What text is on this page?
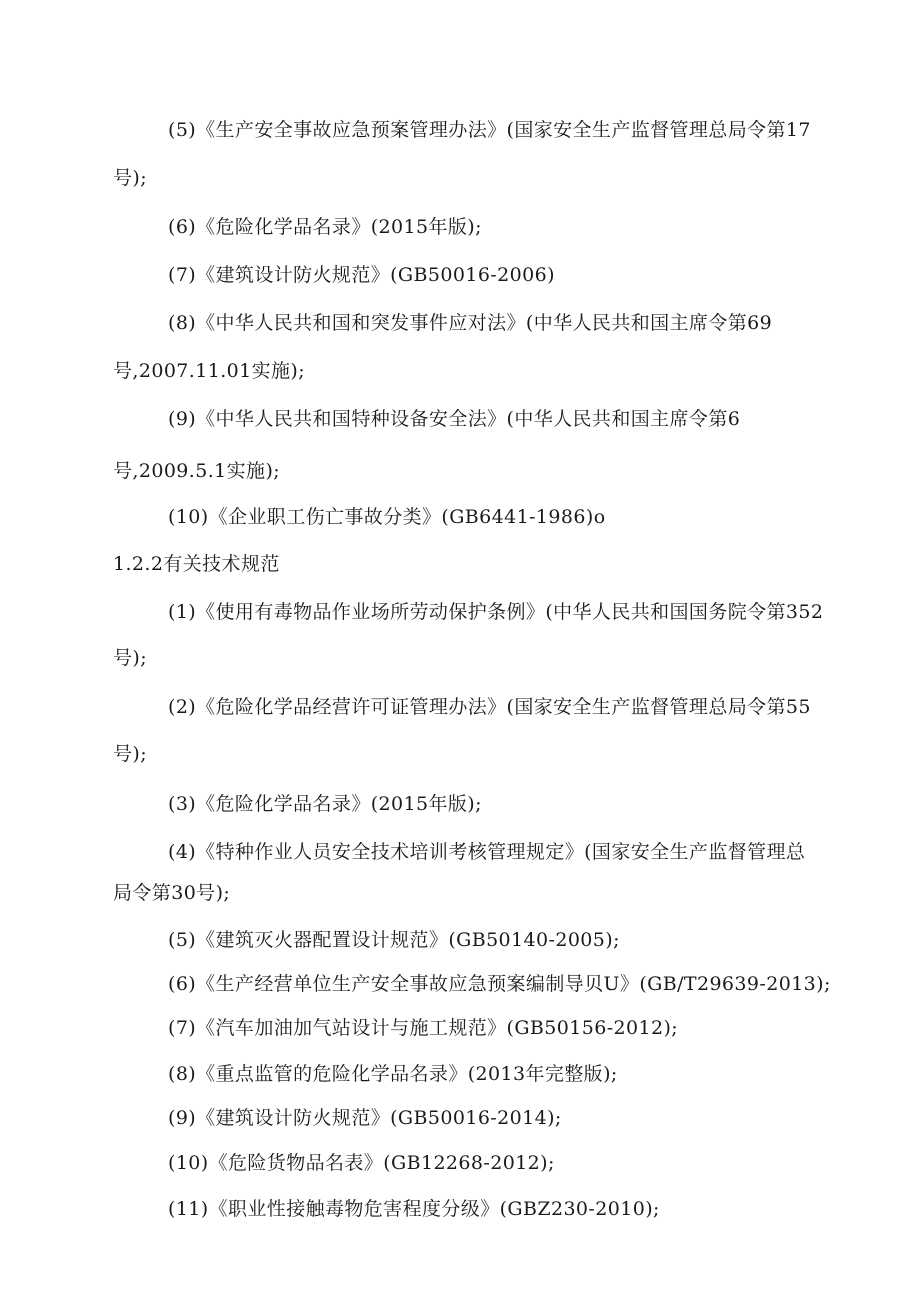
(5)《生产安全事故应急预案管理办法》(国家安全生产监督管理总局令第17
号);
(6)《危险化学品名录》(2015年版);
(7)《建筑设计防火规范》(GB50016-2006)
(8)《中华人民共和国和突发事件应对法》(中华人民共和国主席令第69
号,2007.11.01实施);
(9)《中华人民共和国特种设备安全法》(中华人民共和国主席令第6
号,2009.5.1实施);
(10)《企业职工伤亡事故分类》(GB6441-1986)o
1.2.2有关技术规范
(1)《使用有毒物品作业场所劳动保护条例》(中华人民共和国国务院令第352
号);
(2)《危险化学品经营许可证管理办法》(国家安全生产监督管理总局令第55
号);
(3)《危险化学品名录》(2015年版);
(4)《特种作业人员安全技术培训考核管理规定》(国家安全生产监督管理总
局令第30号);
(5)《建筑灭火器配置设计规范》(GB50140-2005);
(6)《生产经营单位生产安全事故应急预案编制导贝U》(GB/T29639-2013);
(7)《汽车加油加气站设计与施工规范》(GB50156-2012);
(8)《重点监管的危险化学品名录》(2013年完整版);
(9)《建筑设计防火规范》(GB50016-2014);
(10)《危险货物品名表》(GB12268-2012);
(11)《职业性接触毒物危害程度分级》(GBZ230-2010);
